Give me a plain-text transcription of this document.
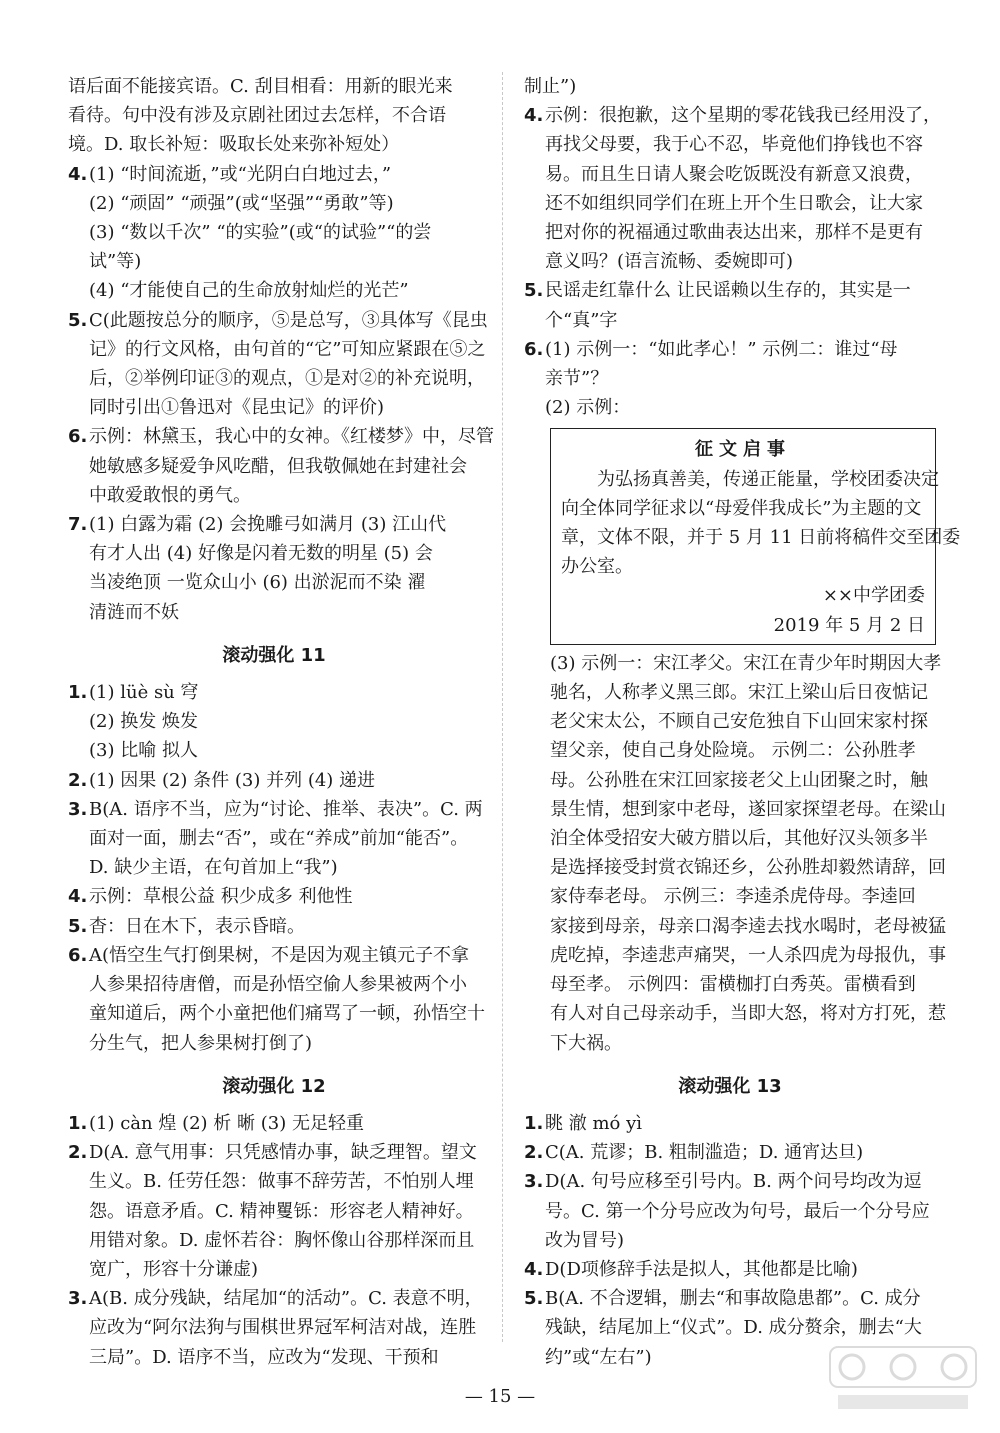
语后面不能接宾语。C. 刮目相看：用新的眼光来
看待。句中没有涉及京剧社团过去怎样，不合语
境。D. 取长补短：吸取长处来弥补短处）
4. (1) “时间流逝，”或“光阴白白地过去，”
(2) “顽固” “顽强”(或“坚强”“勇敢”等)
(3) “数以千次” “的实验”(或“的试验”“的尝
试”等)
(4) “才能使自己的生命放射灿烂的光芒”
5. C(此题按总分的顺序，⑤是总写，③具体写《昆虫
记》的行文风格，由句首的“它”可知应紧跟在⑤之
后，②举例印证③的观点，①是对②的补充说明，
同时引出①鲁迅对《昆虫记》的评价)
6. 示例：林黛玉，我心中的女神。《红楼梦》中，尽管
她敏感多疑爱争风吃醋，但我敬佩她在封建社会
中敢爱敢恨的勇气。
7. (1) 白露为霜 (2) 会挽雕弓如满月 (3) 江山代
有才人出 (4) 好像是闪着无数的明星 (5) 会
当凌绝顶 一览众山小 (6) 出淤泥而不染 濯
清涟而不妖
滚动强化 11
1. (1) lüè sù 穹
(2) 换发 焕发
(3) 比喻 拟人
2. (1) 因果 (2) 条件 (3) 并列 (4) 递进
3. B(A. 语序不当，应为“讨论、推举、表决”。C. 两
面对一面，删去“否”，或在“养成”前加“能否”。
D. 缺少主语，在句首加上“我”)
4. 示例：草根公益 积少成多 利他性
5. 杳：日在木下，表示昏暗。
6. A(悟空生气打倒果树，不是因为观主镇元子不拿
人参果招待唐僧，而是孙悟空偷人参果被两个小
童知道后，两个小童把他们痛骂了一顿，孙悟空十
分生气，把人参果树打倒了)
滚动强化 12
1. (1) càn 煌 (2) 析 晰 (3) 无足轻重
2. D(A. 意气用事：只凭感情办事，缺乏理智。望文
生义。B. 任劳任怨：做事不辞劳苦，不怕别人埋
怨。语意矛盾。C. 精神矍铄：形容老人精神好。
用错对象。D. 虚怀若谷：胸怀像山谷那样深而且
宽广，形容十分谦虚)
3. A(B. 成分残缺，结尾加“的活动”。C. 表意不明，
应改为“阿尔法狗与围棋世界冠军柯洁对战，连胜
三局”。D. 语序不当，应改为“发现、干预和
制止”)
4. 示例：很抱歉，这个星期的零花钱我已经用没了，
再找父母要，我于心不忍，毕竟他们挣钱也不容
易。而且生日请人聚会吃饭既没有新意又浪费，
还不如组织同学们在班上开个生日歌会，让大家
把对你的祝福通过歌曲表达出来，那样不是更有
意义吗？(语言流畅、委婉即可)
5. 民谣走红靠什么 让民谣赖以生存的，其实是一
个“真”字
6. (1) 示例一：“如此孝心！” 示例二：谁过“母
亲节”？
(2) 示例：
征文启事
为弘扬真善美，传递正能量，学校团委决定
向全体同学征求以“母爱伴我成长”为主题的文
章，文体不限，并于 5 月 11 日前将稿件交至团委
办公室。
××中学团委
2019 年 5 月 2 日
(3) 示例一：宋江孝父。宋江在青少年时期因大孝
驰名，人称孝义黑三郎。宋江上梁山后日夜惦记
老父宋太公，不顾自己安危独自下山回宋家村探
望父亲，使自己身处险境。 示例二：公孙胜孝
母。公孙胜在宋江回家接老父上山团聚之时，触
景生情，想到家中老母，遂回家探望老母。在梁山
泊全体受招安大破方腊以后，其他好汉头领多半
是选择接受封赏衣锦还乡，公孙胜却毅然请辞，回
家侍奉老母。 示例三：李逵杀虎侍母。李逵回
家接到母亲，母亲口渴李逵去找水喝时，老母被猛
虎吃掉，李逵悲声痛哭，一人杀四虎为母报仇，事
母至孝。 示例四：雷横枷打白秀英。雷横看到
有人对自己母亲动手，当即大怒，将对方打死，惹
下大祸。
滚动强化 13
1. 眺 澈 mó yì
2. C(A. 荒谬；B. 粗制滥造；D. 通宵达旦)
3. D(A. 句号应移至引号内。B. 两个问号均改为逗
号。C. 第一个分号应改为句号，最后一个分号应
改为冒号)
4. D(D项修辞手法是拟人，其他都是比喻)
5. B(A. 不合逻辑，删去“和事故隐患都”。C. 成分
残缺，结尾加上“仪式”。D. 成分赘余，删去“大
约”或“左右”)
— 15 —
